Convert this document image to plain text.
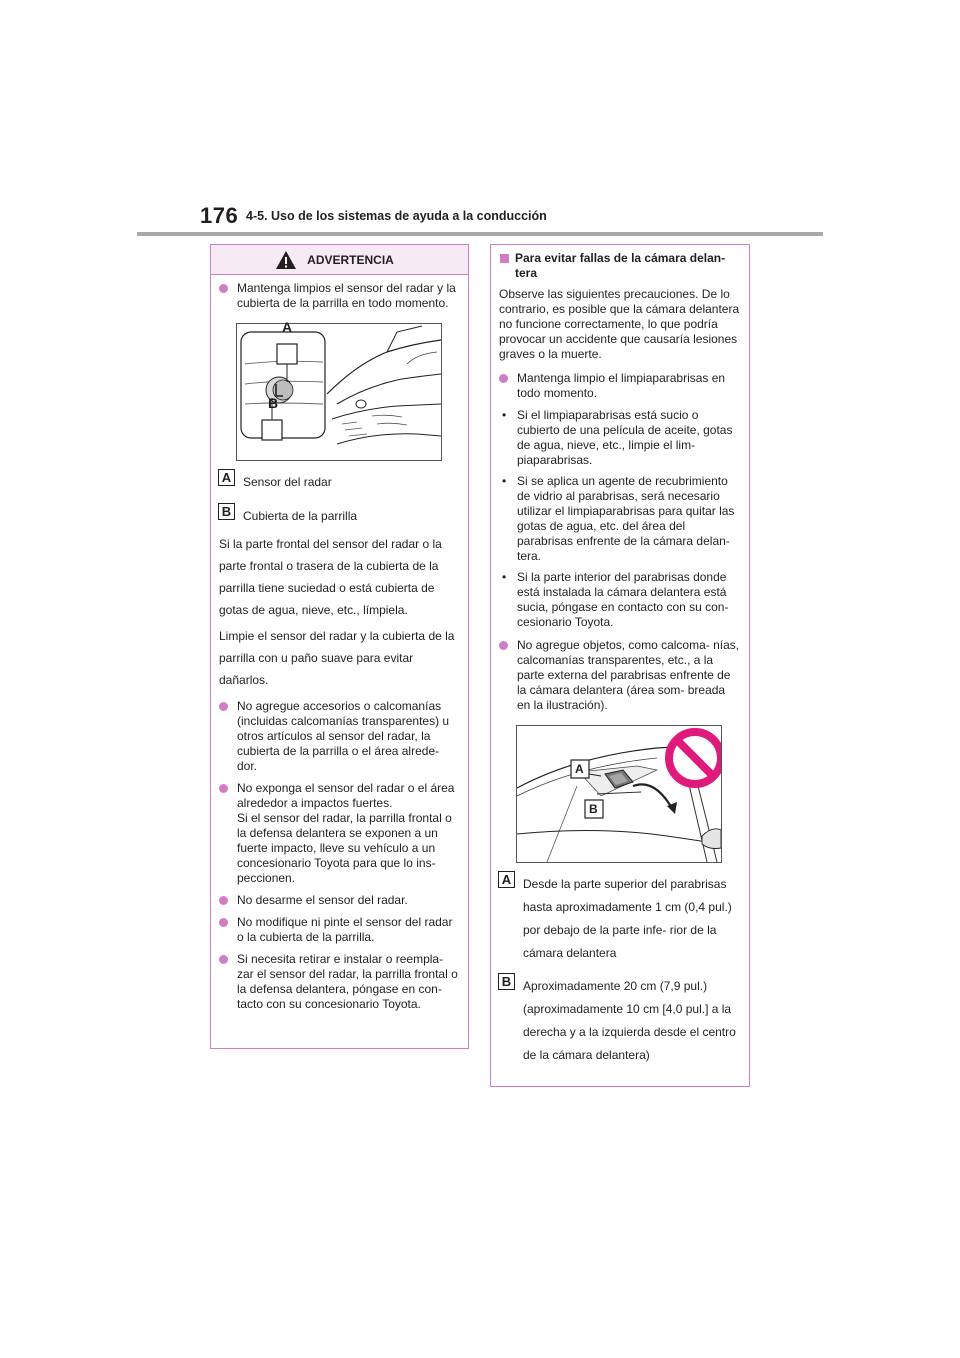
176 4-5. Uso de los sistemas de ayuda a la conducción
ADVERTENCIA
Mantenga limpios el sensor del radar y la cubierta de la parrilla en todo momento.
A
B
A Sensor del radar
B Cubierta de la parrilla
Si la parte frontal del sensor del radar o la parte frontal o trasera de la cubierta de la parrilla tiene suciedad o está cubierta de gotas de agua, nieve, etc., límpiela.
Limpie el sensor del radar y la cubierta de la parrilla con u paño suave para evitar dañarlos.
No agregue accesorios o calcomanías (incluidas calcomanías transparentes) u otros artículos al sensor del radar, la cubierta de la parrilla o el área alrede- dor.
No exponga el sensor del radar o el área alrededor a impactos fuertes.
Si el sensor del radar, la parrilla frontal o la defensa delantera se exponen a un fuerte impacto, lleve su vehículo a un concesionario Toyota para que lo ins- peccionen.
No desarme el sensor del radar.
No modifique ni pinte el sensor del radar o la cubierta de la parrilla.
Si necesita retirar e instalar o reempla- zar el sensor del radar, la parrilla frontal o la defensa delantera, póngase en con- tacto con su concesionario Toyota.
Para evitar fallas de la cámara delan- tera
Observe las siguientes precauciones. De lo contrario, es posible que la cámara delantera no funcione correctamente, lo que podría provocar un accidente que causaría lesiones graves o la muerte.
Mantenga limpio el limpiaparabrisas en todo momento.
• Si el limpiaparabrisas está sucio o cubierto de una película de aceite, gotas de agua, nieve, etc., limpie el lim- piaparabrisas.
• Si se aplica un agente de recubrimiento de vidrio al parabrisas, será necesario utilizar el limpiaparabrisas para quitar las gotas de agua, etc. del área del parabrisas enfrente de la cámara delan- tera.
• Si la parte interior del parabrisas donde está instalada la cámara delantera está sucia, póngase en contacto con su con- cesionario Toyota.
No agregue objetos, como calcoma- nías, calcomanías transparentes, etc., a la parte externa del parabrisas enfrente de la cámara delantera (área som- breada en la ilustración).
A
B
A Desde la parte superior del parabrisas hasta aproximadamente 1 cm (0,4 pul.) por debajo de la parte infe- rior de la cámara delantera
B Aproximadamente 20 cm (7,9 pul.) (aproximadamente 10 cm [4,0 pul.] a la derecha y a la izquierda desde el centro de la cámara delantera)
